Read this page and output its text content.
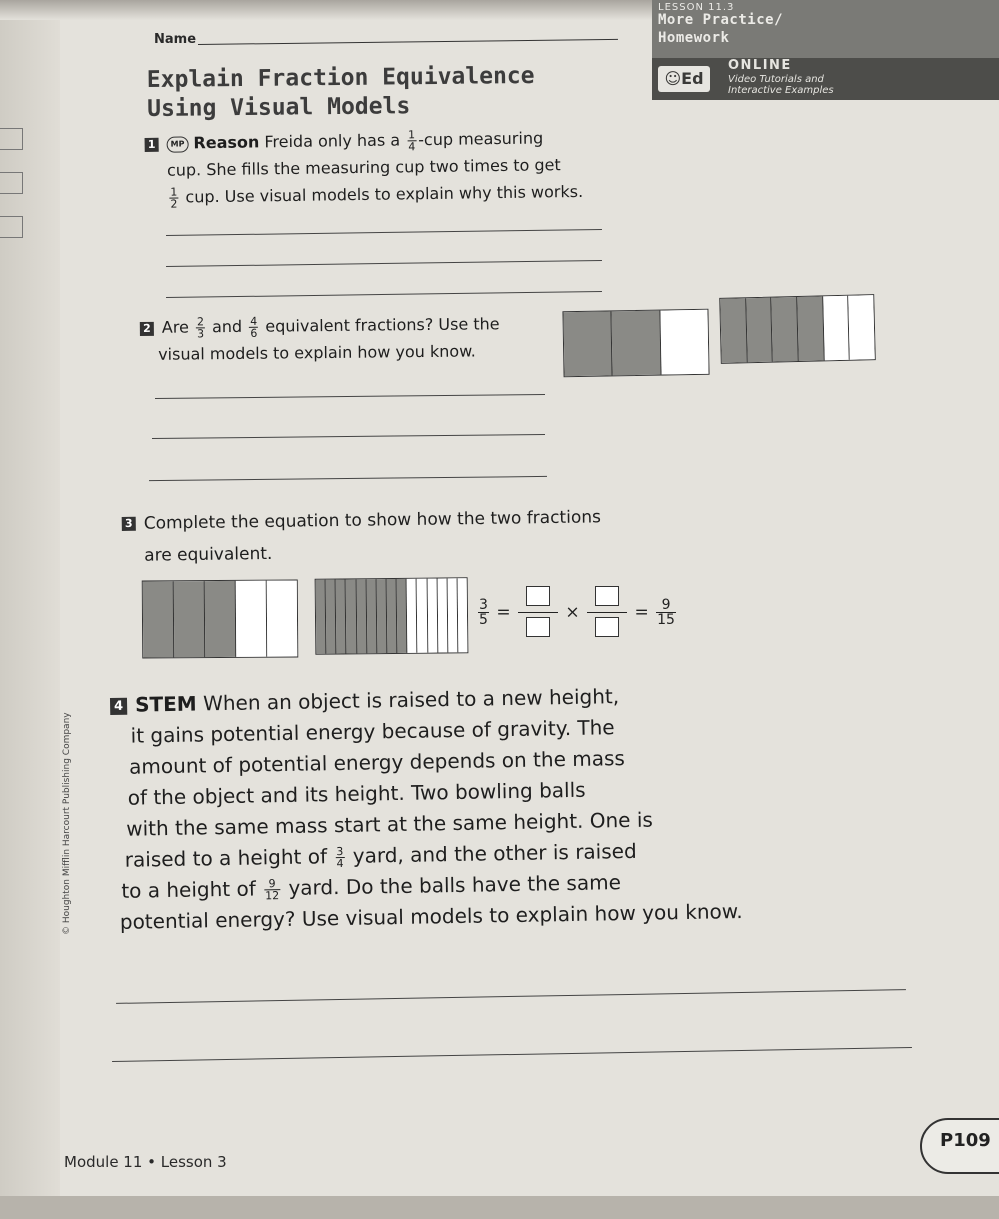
Name
LESSON 11.3
More Practice/
Homework
☺Ed
ONLINE
Video Tutorials and
Interactive Examples
Explain Fraction Equivalence
Using Visual Models
1 MP Reason Freida only has a $\frac{1}{4} -cup$ measuring
cup. She fills the measuring cup two times to get
$\frac{1}{2}$ cup. Use visual models to explain why this works.
2 Are $\frac{2}{3}$ and $\frac{4}{6}$ equivalent fractions? Use the
visual models to explain how you know.
3 Complete the equation to show how the two fractions
are equivalent.
$\frac{3}{5}$ =	×	= $\frac{9}{15}$
4 STEM When an object is raised to a new height,
it gains potential energy because of gravity. The
amount of potential energy depends on the mass
of the object and its height. Two bowling balls
with the same mass start at the same height. One is
raised to a height of $\frac{3}{4}$ yard, and the other is raised
to a height of $\frac{9}{12}$ yard. Do the balls have the same
potential energy? Use visual models to explain how you know.
© Houghton Mifflin Harcourt Publishing Company
Module 11 • Lesson 3
P109
